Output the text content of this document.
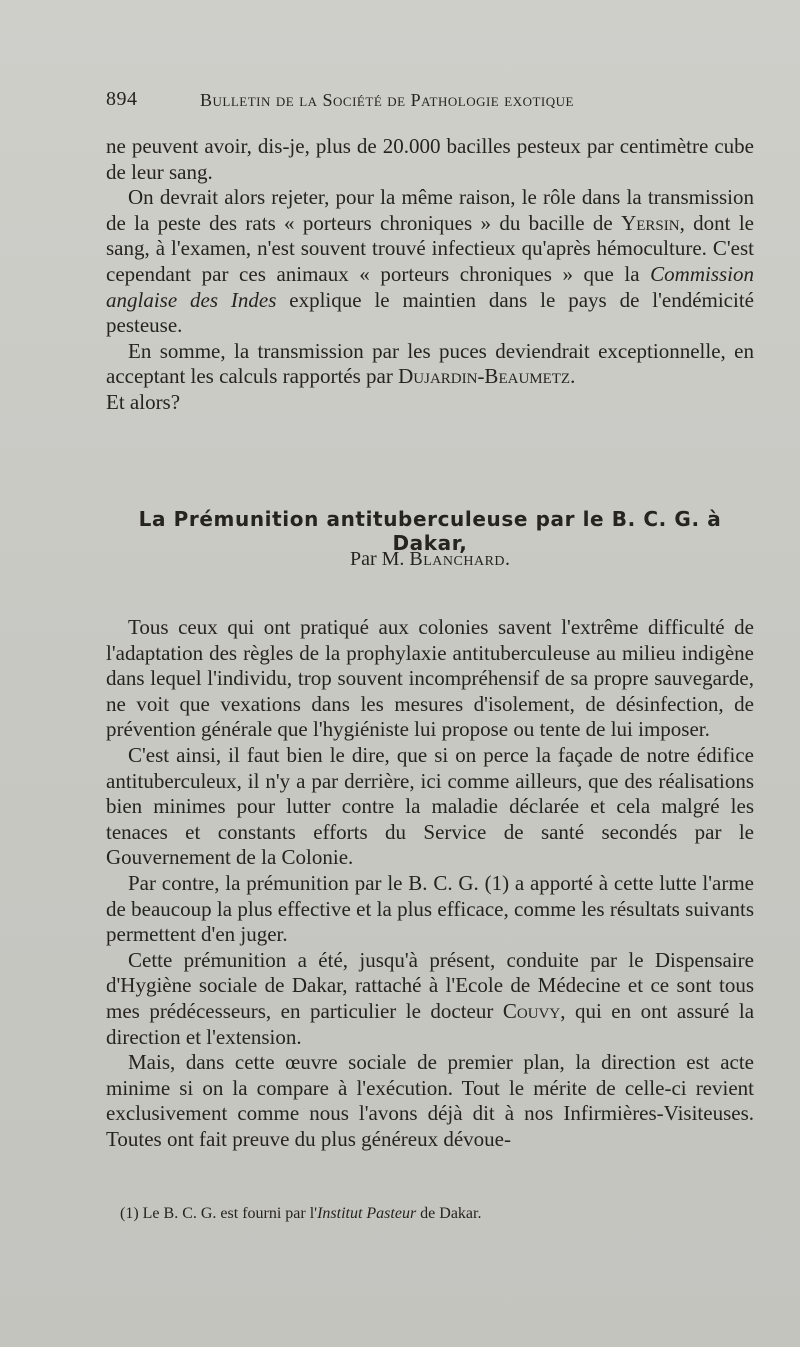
894	Bulletin de la Société de Pathologie exotique

ne peuvent avoir, dis-je, plus de 20.000 bacilles pesteux par centimètre cube de leur sang.

On devrait alors rejeter, pour la même raison, le rôle dans la transmission de la peste des rats « porteurs chroniques » du bacille de Yersin, dont le sang, à l'examen, n'est souvent trouvé infectieux qu'après hémoculture. C'est cependant par ces animaux « porteurs chroniques » que la Commission anglaise des Indes explique le maintien dans le pays de l'endémicité pesteuse.

En somme, la transmission par les puces deviendrait exceptionnelle, en acceptant les calculs rapportés par Dujardin-Beaumetz.

Et alors?

La Prémunition antituberculeuse par le B. C. G. à Dakar,
Par M. Blanchard.

Tous ceux qui ont pratiqué aux colonies savent l'extrême difficulté de l'adaptation des règles de la prophylaxie antituberculeuse au milieu indigène dans lequel l'individu, trop souvent incompréhensif de sa propre sauvegarde, ne voit que vexations dans les mesures d'isolement, de désinfection, de prévention générale que l'hygiéniste lui propose ou tente de lui imposer.

C'est ainsi, il faut bien le dire, que si on perce la façade de notre édifice antituberculeux, il n'y a par derrière, ici comme ailleurs, que des réalisations bien minimes pour lutter contre la maladie déclarée et cela malgré les tenaces et constants efforts du Service de santé secondés par le Gouvernement de la Colonie.

Par contre, la prémunition par le B. C. G. (1) a apporté à cette lutte l'arme de beaucoup la plus effective et la plus efficace, comme les résultats suivants permettent d'en juger.

Cette prémunition a été, jusqu'à présent, conduite par le Dispensaire d'Hygiène sociale de Dakar, rattaché à l'Ecole de Médecine et ce sont tous mes prédécesseurs, en particulier le docteur Couvy, qui en ont assuré la direction et l'extension.

Mais, dans cette œuvre sociale de premier plan, la direction est acte minime si on la compare à l'exécution. Tout le mérite de celle-ci revient exclusivement comme nous l'avons déjà dit à nos Infirmières-Visiteuses. Toutes ont fait preuve du plus généreux dévoue-

(1) Le B. C. G. est fourni par l'Institut Pasteur de Dakar.
